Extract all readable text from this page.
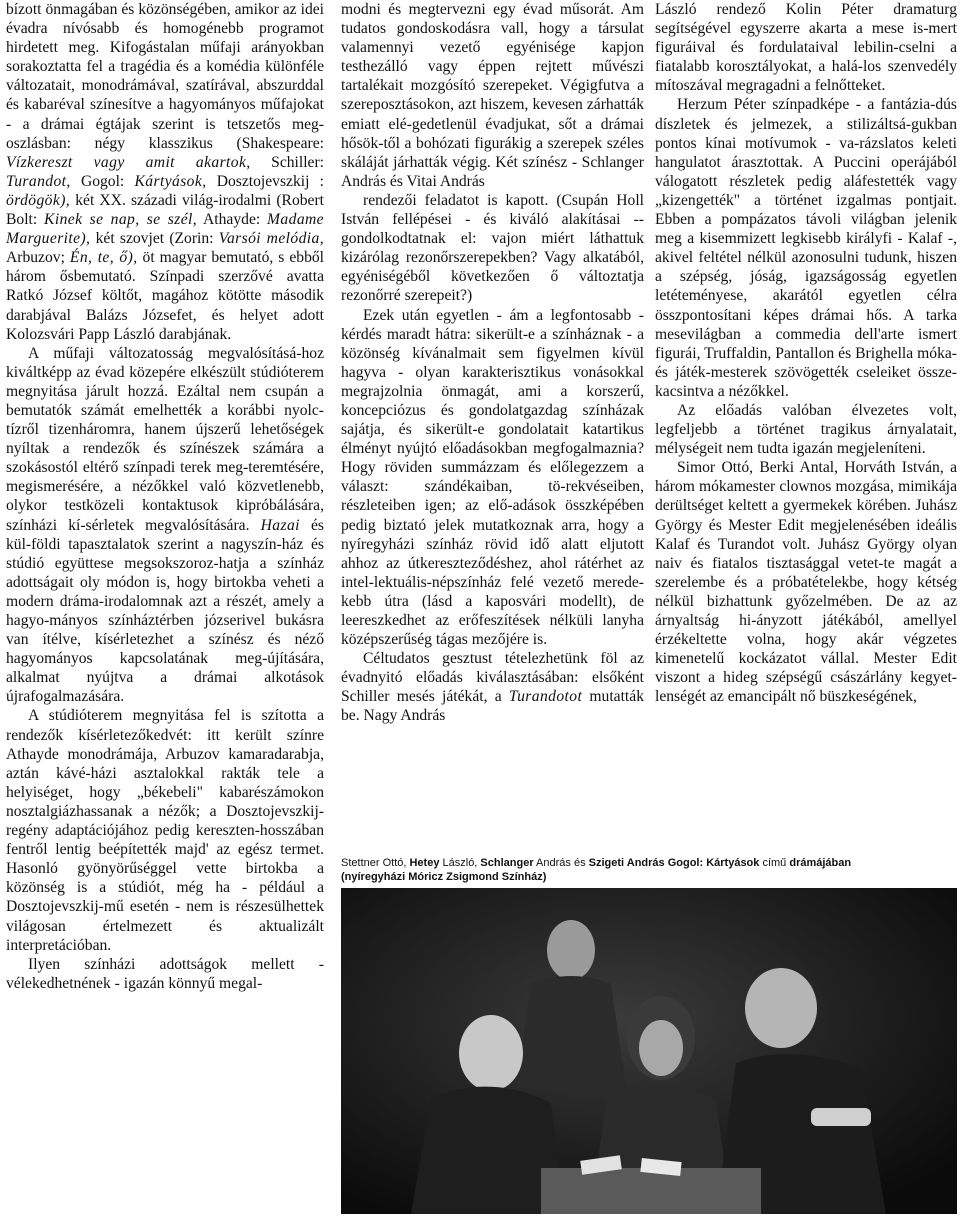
bízott önmagában és közönségében, amikor az idei évadra nívósabb és homogénebb programot hirdetett meg. Kifogástalan műfaji arányokban sorakoztatta fel a tragédia és a komédia különféle változatait, monodrámával, szatírával, abszurddal és kabaréval színesítve a hagyományos műfajokat - a drámai égtájak szerint is tetszetős meg-oszlásban: négy klasszikus (Shakespeare: Vízkereszt vagy amit akartok, Schiller: Turandot, Gogol: Kártyások, Dosztojevszkij : ördögök), két XX. századi világ-irodalmi (Robert Bolt: Kinek se nap, se szél, Athayde: Madame Marguerite), két szovjet (Zorin: Varsói melódia, Arbuzov; Én, te, ő), öt magyar bemutató, s ebből három ősbemutató. Színpadi szerzővé avatta Ratkó József költőt, magához kötötte második darabjával Balázs Józsefet, és helyet adott Kolozsvári Papp László darabjának.

A műfaji változatosság megvalósításá-hoz kiváltképp az évad közepére elkészült stúdióterem megnyitása járult hozzá. Ezáltal nem csupán a bemutatók számát emelhették a korábbi nyolc-tízről tizenháromra, hanem újszerű lehetőségek nyíltak a rendezők és színészek számára a szokásostól eltérő színpadi terek meg-teremtésére, megismerésére, a nézőkkel való közvetlenebb, olykor testközeli kontaktusok kipróbálására, színházi kí-sérletek megvalósítására. Hazai és kül-földi tapasztalatok szerint a nagyszín-ház és stúdió együttese megsokszoroz-hatja a színház adottságait oly módon is, hogy birtokba veheti a modern dráma-irodalomnak azt a részét, amely a hagyo-mányos színháztérben józserivel bukásra van ítélve, kísérletezhet a színész és néző hagyományos kapcsolatának meg-újítására, alkalmat nyújtva a drámai alkotások újrafogalmazására.

A stúdióterem megnyitása fel is szította a rendezők kísérletezőkedvét: itt került színre Athayde monodrámája, Arbuzov kamaradarabja, aztán kávé-házi asztalokkal rakták tele a helyiséget, hogy „békebeli" kabarészámokon nosztalgiázhassanak a nézők; a Dosztojevszkij-regény adaptációjához pedig kereszten-hosszában fentről lentig beépítették majd' az egész termet. Hasonló gyönyörűséggel vette birtokba a közönség is a stúdiót, még ha - például a Dosztojevszkij-mű esetén - nem is részesülhettek világosan értelmezett és aktualizált interpretációban.

Ilyen színházi adottságok mellett - vélekedhetnének - igazán könnyű megal-

modni és megtervezni egy évad műsorát. Am tudatos gondoskodásra vall, hogy a társulat valamennyi vezető egyénisége kapjon testhezálló vagy éppen rejtett művészi tartalékait mozgósító szerepeket. Végigfutva a szereposztásokon, azt hiszem, kevesen zárhatták emiatt elé-gedetlenül évadjukat, sőt a drámai hősök-től a bohózati figurákig a szerepek széles skáláját járhatták végig. Két színész - Schlanger András és Vitai András

rendezői feladatot is kapott. (Csupán Holl István fellépései - és kiváló alakításai -- gondolkodtatnak el: vajon miért láthattuk kizárólag rezonőrszerepekben? Vagy alkatából, egyéniségéből következően ő változtatja rezonőrré szerepeit?)

Ezek után egyetlen - ám a legfontosabb - kérdés maradt hátra: sikerült-e a színháznak - a közönség kívánalmait sem figyelmen kívül hagyva - olyan karakterisztikus vonásokkal megrajzolnia önmagát, ami a korszerű, koncepciózus és gondolatgazdag színházak sajátja, és sikerült-e gondolatait katartikus élményt nyújtó előadásokban megfogalmaznia? Hogy röviden summázzam és előlegezzem a választ: szándékaiban, tö-rekvéseiben, részleteiben igen; az elő-adások összképében pedig biztató jelek mutatkoznak arra, hogy a nyíregyházi színház rövid idő alatt eljutott ahhoz az útkereszteződéshez, ahol rátérhet az intel-lektuális-népszínház felé vezető merede-kebb útra (lásd a kaposvári modellt), de leereszkedhet az erőfeszítések nélküli lanyha középszerűség tágas mezőjére is.

Céltudatos gesztust tételezhetünk föl az évadnyitó előadás kiválasztásában: elsőként Schiller mesés játékát, a Turandotot mutatták be. Nagy András

László rendező Kolin Péter dramaturg segítségével egyszerre akarta a mese is-mert figuráival és fordulataival lebilin-cselni a fiatalabb korosztályokat, a halá-los szenvedély mítoszával megragadni a felnőtteket.

Herzum Péter színpadképe - a fantázia-dús díszletek és jelmezek, a stilizáltsá-gukban pontos kínai motívumok - va-rázslatos keleti hangulatot árasztottak. A Puccini operájából válogatott részletek pedig aláfestették vagy „kizengették" a történet izgalmas pontjait. Ebben a pompázatos távoli világban jelenik meg a kisemmizett legkisebb királyfi - Kalaf -, akivel feltétel nélkül azonosulni tudunk, hiszen a szépség, jóság, igazságosság egyetlen letéteményese, akarától egyetlen célra összpontosítani képes drámai hős. A tarka mesevilágban a commedia dell'arte ismert figurái, Truffaldin, Pantallon és Brighella móka- és játék-mesterek szövögették cseleiket össze-kacsintva a nézőkkel.

Az előadás valóban élvezetes volt, legfeljebb a történet tragikus árnyalatait, mélységeit nem tudta igazán megjeleníteni.

Simor Ottó, Berki Antal, Horváth István, a három mókamester clownos mozgása, mimikája derültséget keltett a gyermekek körében. Juhász György és Mester Edit megjelenésében ideális Kalaf és Turandot volt. Juhász György olyan naiv és fiatalos tisztasággal vetet-te magát a szerelembe és a próbatételekbe, hogy kétség nélkül bizhattunk győzelmében. De az az árnyaltság hi-ányzott játékából, amellyel érzékeltette volna, hogy akár végzetes kimenetelű kockázatot vállal. Mester Edit viszont a hideg szépségű császárlány kegyet-lenségét az emancipált nő büszkeségének,

Stettner Ottó, Hetey László, Schlanger András és Szigeti András Gogol: Kártyások című drámájában
(nyíregyházi Móricz Zsigmond Színház)
